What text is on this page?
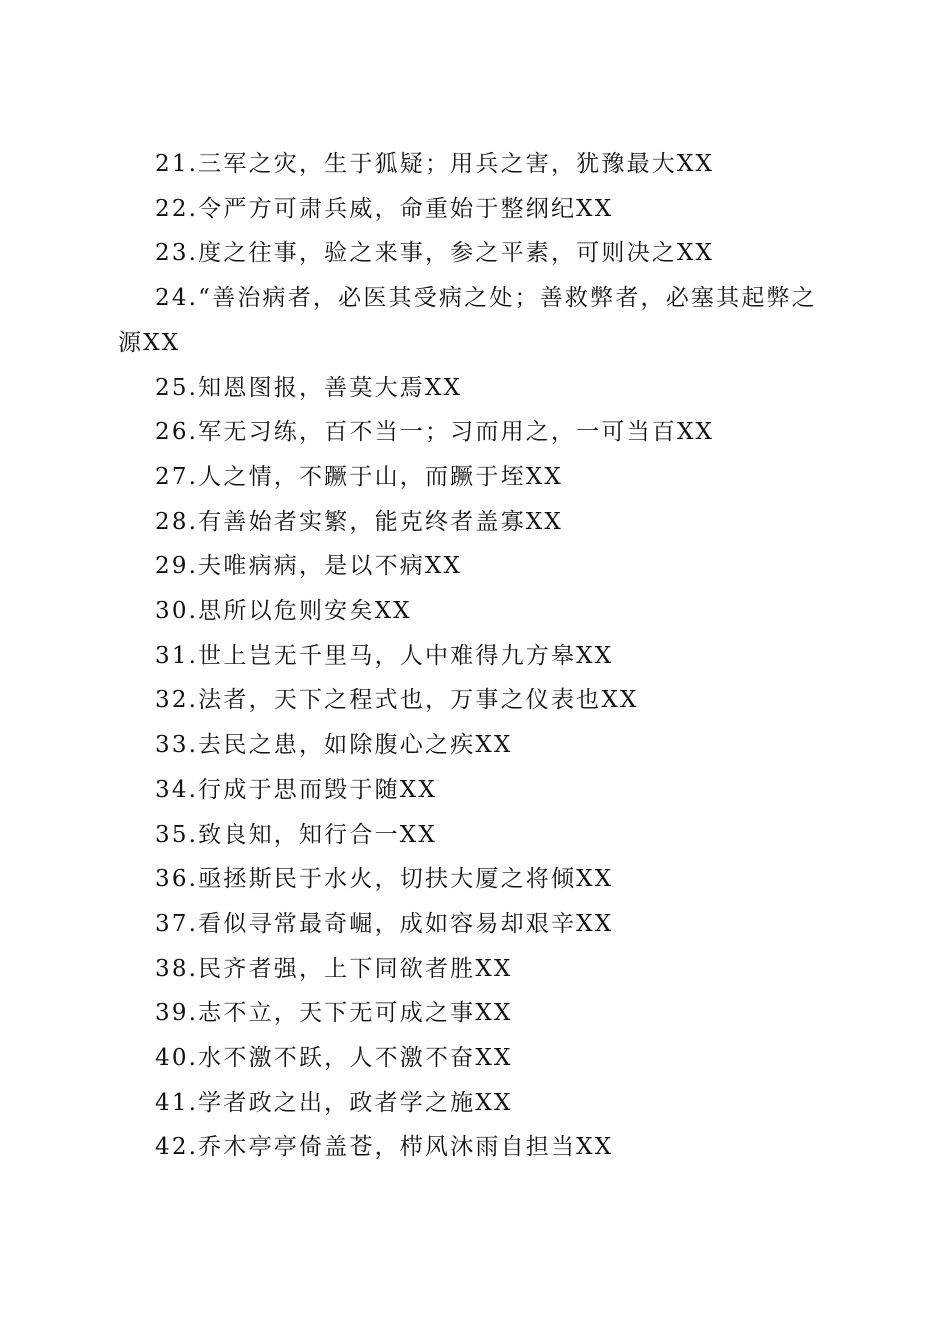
21.三军之灾，生于狐疑；用兵之害，犹豫最大XX

22.令严方可肃兵威，命重始于整纲纪XX

23.度之往事，验之来事，参之平素，可则决之XX

24.“善治病者，必医其受病之处；善救弊者，必塞其起弊之源XX

25.知恩图报，善莫大焉XX

26.军无习练，百不当一；习而用之，一可当百XX

27.人之情，不蹶于山，而蹶于垤XX

28.有善始者实繁，能克终者盖寡XX

29.夫唯病病，是以不病XX

30.思所以危则安矣XX

31.世上岂无千里马，人中难得九方皋XX

32.法者，天下之程式也，万事之仪表也XX

33.去民之患，如除腹心之疾XX

34.行成于思而毁于随XX

35.致良知，知行合一XX

36.亟拯斯民于水火，切扶大厦之将倾XX

37.看似寻常最奇崛，成如容易却艰辛XX

38.民齐者强，上下同欲者胜XX

39.志不立，天下无可成之事XX

40.水不激不跃，人不激不奋XX

41.学者政之出，政者学之施XX

42.乔木亭亭倚盖苍，栉风沐雨自担当XX
